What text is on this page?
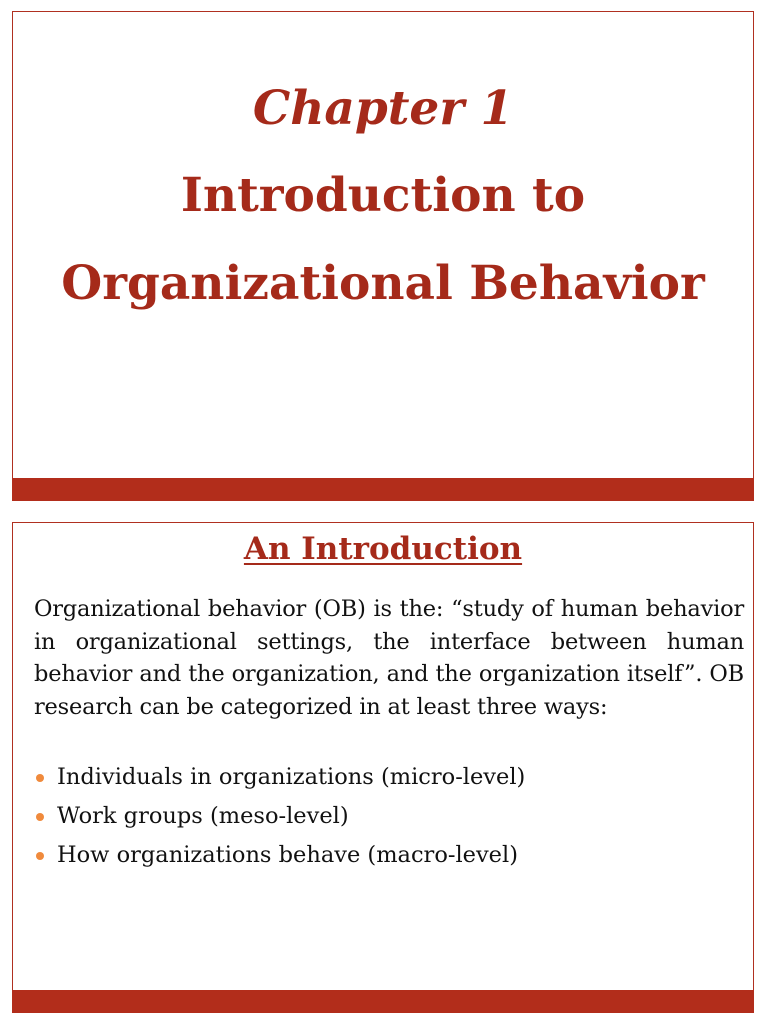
Chapter 1

Introduction to

Organizational Behavior

An Introduction

Organizational behavior (OB) is the: “study of human behavior in organizational settings, the interface between human behavior and the organization, and the organization itself”. OB research can be categorized in at least three ways:

Individuals in organizations (micro-level)
Work groups (meso-level)
How organizations behave (macro-level)
